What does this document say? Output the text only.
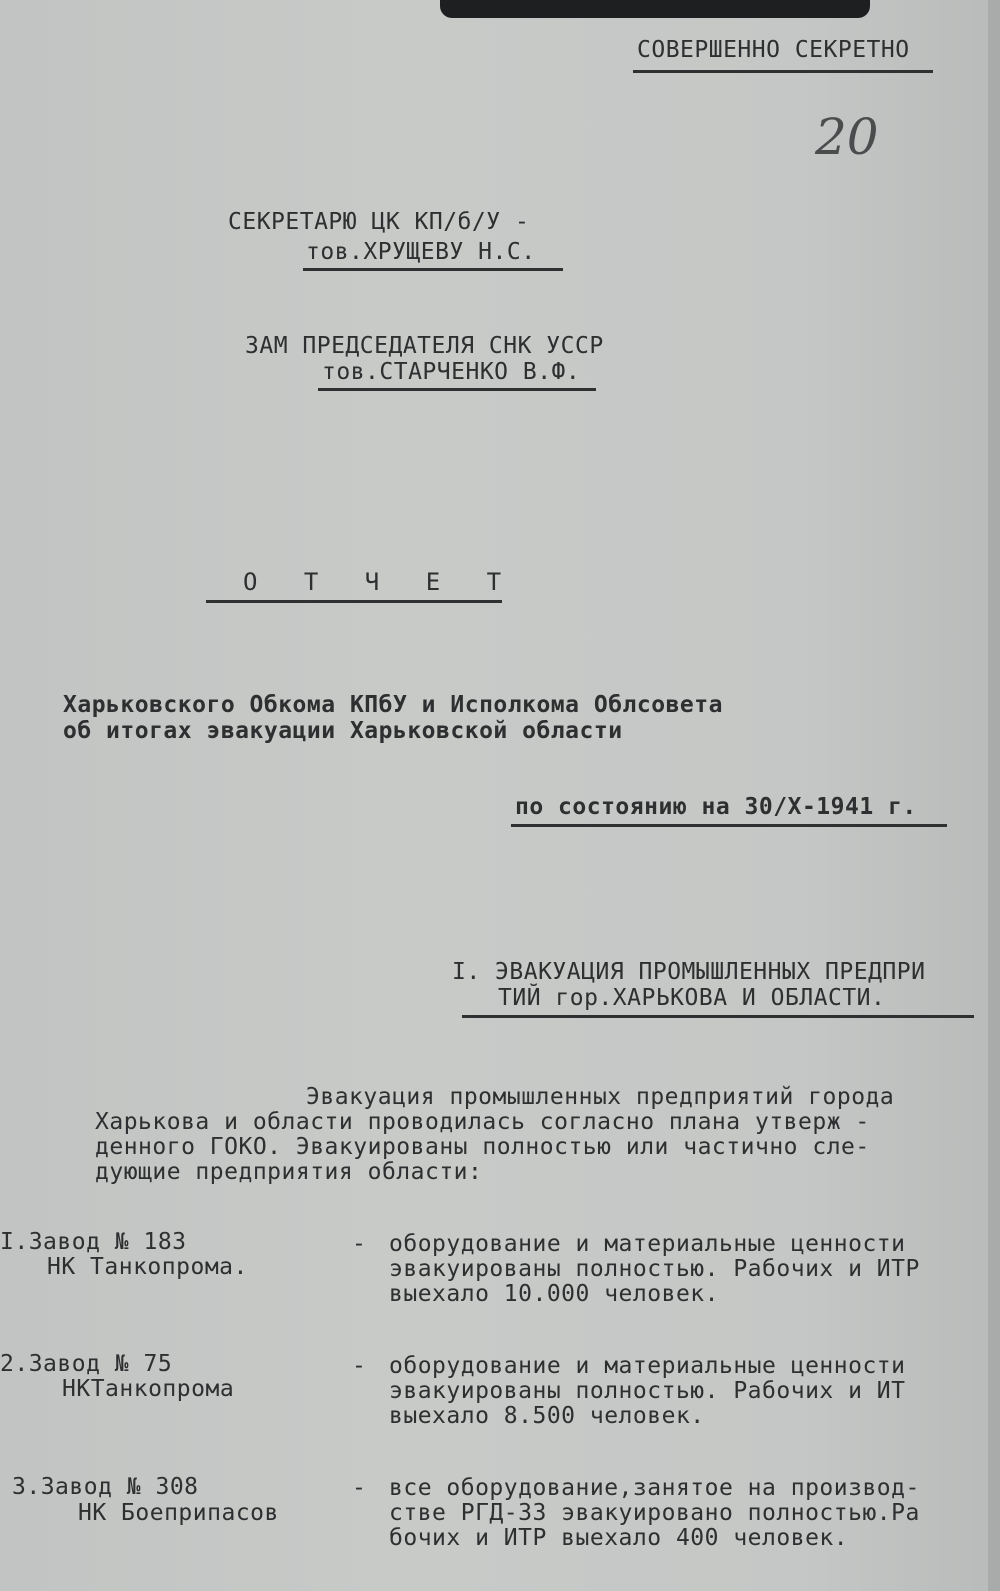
СОВЕРШЕННО СЕКРЕТНО
20
СЕКРЕТАРЮ ЦК КП/б/У -
тов.ХРУЩЕВУ Н.С.
ЗАМ ПРЕДСЕДАТЕЛЯ СНК УССР
тов.СТАРЧЕНКО В.Ф.
О Т Ч Е Т
Харьковского Обкома КПбУ и Исполкома Облсовета
об итогах эвакуации Харьковской области
по состоянию на 30/Х-1941 г.
I. ЭВАКУАЦИЯ ПРОМЫШЛЕННЫХ ПРЕДПРИ
ТИЙ гор.ХАРЬКОВА И ОБЛАСТИ.
Эвакуация промышленных предприятий города
Харькова и области проводилась согласно плана утверж -
денного ГОКО. Эвакуированы полностью или частично сле-
дующие предприятия области:
I.Завод № 183
НК Танкопрома.
- оборудование и материальные ценности
эвакуированы полностью. Рабочих и ИТР
выехало 10.000 человек.
2.Завод № 75
НКТанкопрома
- оборудование и материальные ценности
эвакуированы полностью. Рабочих и ИТ
выехало 8.500 человек.
3.Завод № 308
НК Боеприпасов
- все оборудование,занятое на производ-
стве РГД-33 эвакуировано полностью.Ра
бочих и ИТР выехало 400 человек.
